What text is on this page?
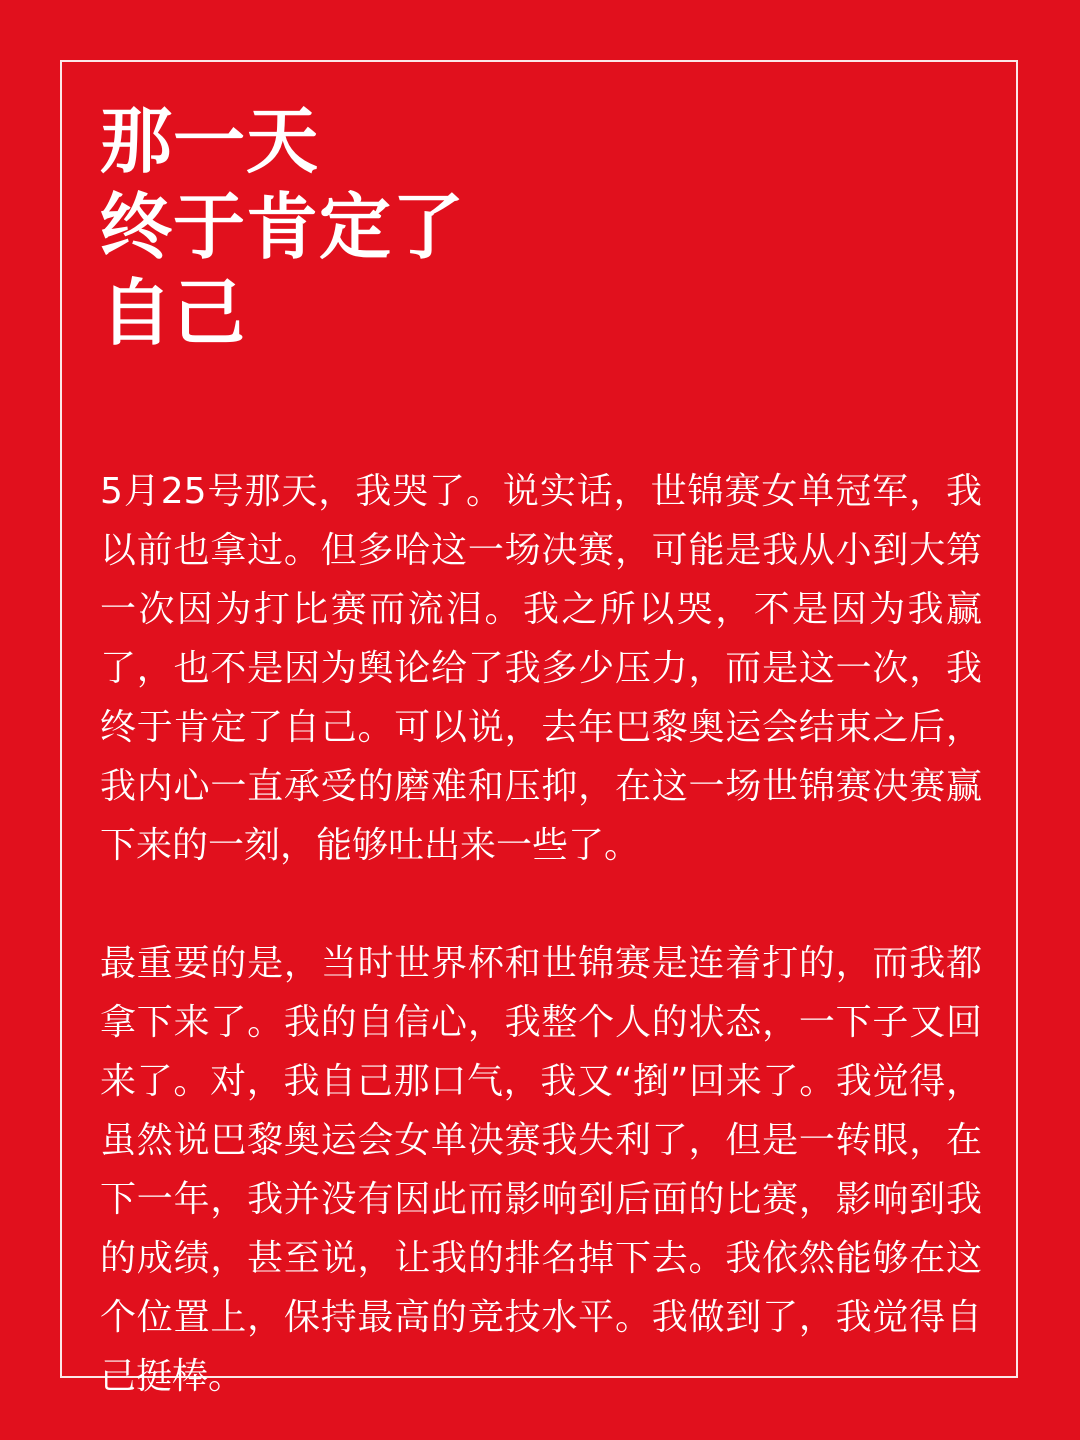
那一天
终于肯定了
自己

5月25号那天，我哭了。说实话，世锦赛女单冠军，我以前也拿过。但多哈这一场决赛，可能是我从小到大第一次因为打比赛而流泪。我之所以哭，不是因为我赢了，也不是因为舆论给了我多少压力，而是这一次，我终于肯定了自己。可以说，去年巴黎奥运会结束之后，我内心一直承受的磨难和压抑，在这一场世锦赛决赛赢下来的一刻，能够吐出来一些了。

最重要的是，当时世界杯和世锦赛是连着打的，而我都拿下来了。我的自信心，我整个人的状态，一下子又回来了。对，我自己那口气，我又“捯”回来了。我觉得，虽然说巴黎奥运会女单决赛我失利了，但是一转眼，在下一年，我并没有因此而影响到后面的比赛，影响到我的成绩，甚至说，让我的排名掉下去。我依然能够在这个位置上，保持最高的竞技水平。我做到了，我觉得自己挺棒。
